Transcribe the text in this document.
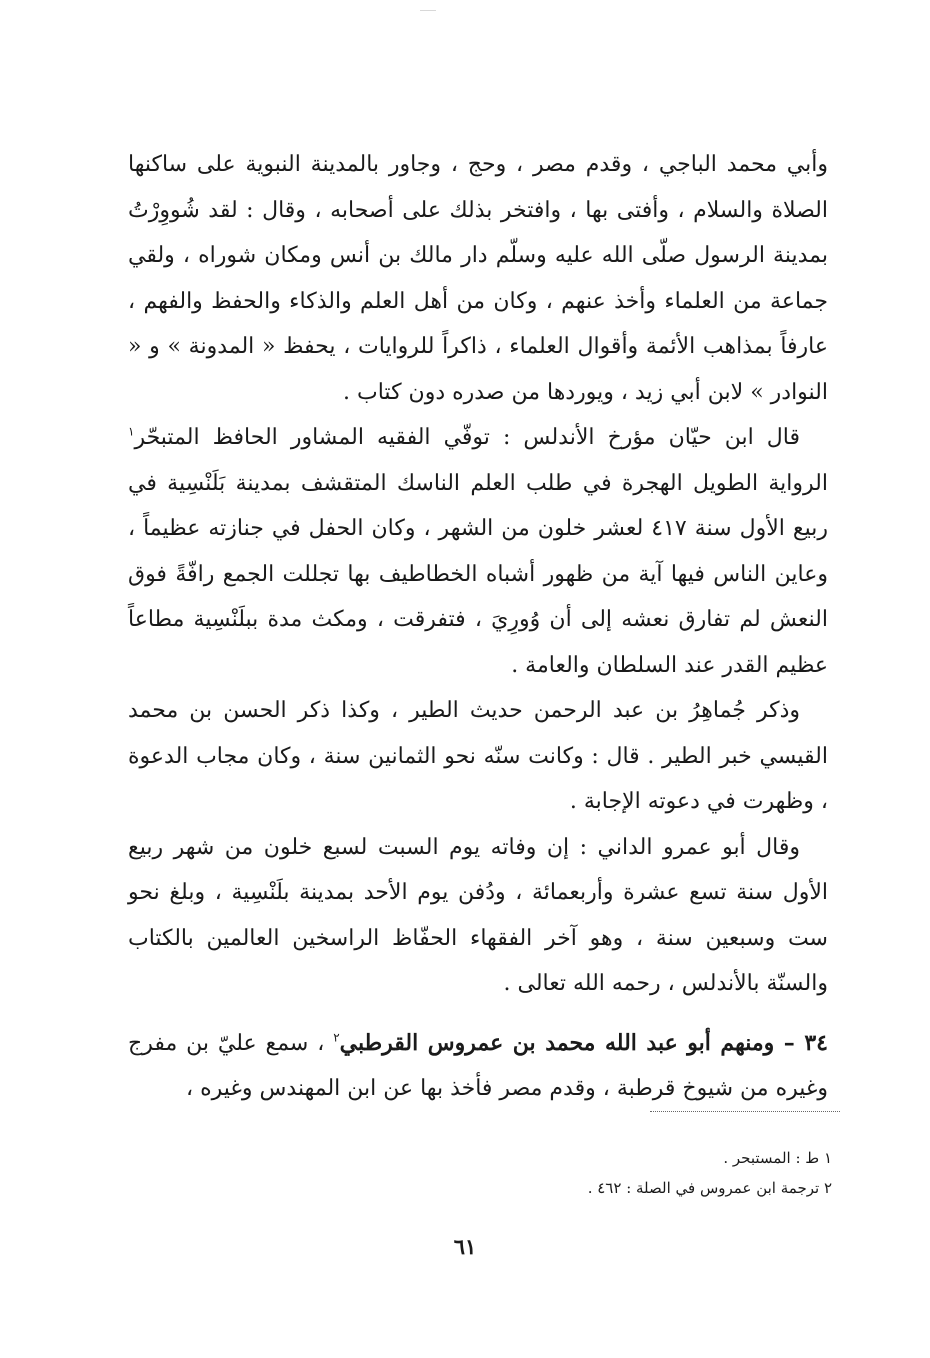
وأبي محمد الباجي ، وقدم مصر ، وحج ، وجاور بالمدينة النبوية على ساكنها الصلاة والسلام ، وأفتى بها ، وافتخر بذلك على أصحابه ، وقال : لقد شُووِرْتُ بمدينة الرسول صلّى الله عليه وسلّم دار مالك بن أنس ومكان شوراه ، ولقي جماعة من العلماء وأخذ عنهم ، وكان من أهل العلم والذكاء والحفظ والفهم ، عارفاً بمذاهب الأئمة وأقوال العلماء ، ذاكراً للروايات ، يحفظ « المدونة » و « النوادر » لابن أبي زيد ، ويوردها من صدره دون كتاب .

قال ابن حيّان مؤرخ الأندلس : توفّي الفقيه المشاور الحافظ المتبحّر$^١$ الرواية الطويل الهجرة في طلب العلم الناسك المتقشف بمدينة بَلَنْسِية في ربيع الأول سنة ٤١٧ لعشر خلون من الشهر ، وكان الحفل في جنازته عظيماً ، وعاين الناس فيها آية من ظهور أشباه الخطاطيف بها تجللت الجمع رافّةً فوق النعش لم تفارق نعشه إلى أن وُورِيَ ، فتفرقت ، ومكث مدة ببلَنْسِية مطاعاً عظيم القدر عند السلطان والعامة .

وذكر جُماهِرُ بن عبد الرحمن حديث الطير ، وكذا ذكر الحسن بن محمد القيسي خبر الطير . قال : وكانت سنّه نحو الثمانين سنة ، وكان مجاب الدعوة ، وظهرت في دعوته الإجابة .

وقال أبو عمرو الداني : إن وفاته يوم السبت لسبع خلون من شهر ربيع الأول سنة تسع عشرة وأربعمائة ، ودُفن يوم الأحد بمدينة بلَنْسِية ، وبلغ نحو ست وسبعين سنة ، وهو آخر الفقهاء الحفّاظ الراسخين العالمين بالكتاب والسنّة بالأندلس ، رحمه الله تعالى .

٣٤ – ومنهم أبو عبد الله محمد بن عمروس القرطبي$^٢$ ، سمع عليّ بن مفرج وغيره من شيوخ قرطبة ، وقدم مصر فأخذ بها عن ابن المهندس وغيره ،

١ ط : المستبحر .

٢ ترجمة ابن عمروس في الصلة : ٤٦٢ .

٦١
